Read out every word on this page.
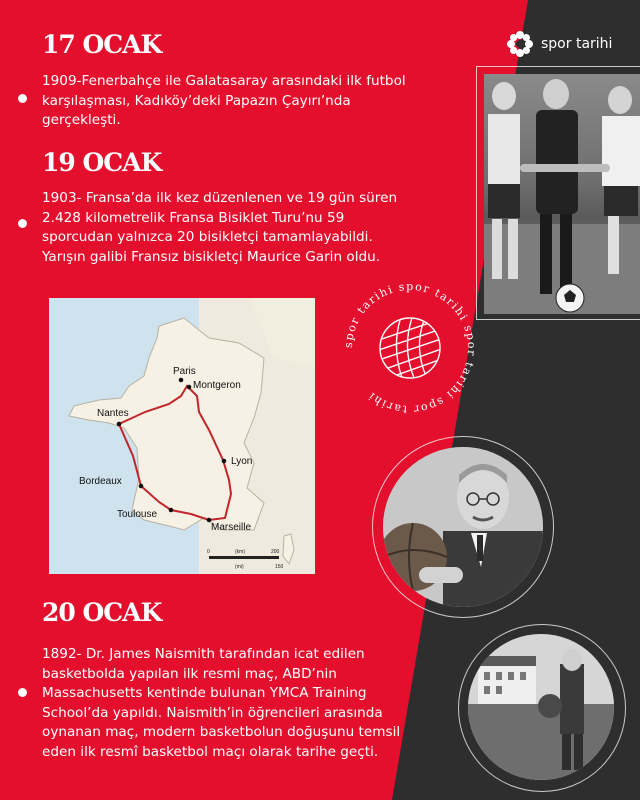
spor tarihi
17 OCAK

1909-Fenerbahçe ile Galatasaray arasındaki ilk futbol
karşılaşması, Kadıköy’deki Papazın Çayırı’nda
gerçekleşti.

19 OCAK

1903- Fransa’da ilk kez düzenlenen ve 19 gün süren
2.428 kilometrelik Fransa Bisiklet Turu’nu 59
sporcudan yalnızca 20 bisikletçi tamamlayabildi.
Yarışın galibi Fransız bisikletçi Maurice Garin oldu.

Paris
Montgeron
Nantes
Lyon
Bordeaux
Toulouse
Marseille
(km)
(mi)
0	200
150
spor tarihi spor tarihi spor tarihi spor tarihi
20 OCAK

1892- Dr. James Naismith tarafından icat edilen
basketbolda yapılan ilk resmi maç, ABD’nin
Massachusetts kentinde bulunan YMCA Training
School’da yapıldı. Naismith’in öğrencileri arasında
oynanan maç, modern basketbolun doğuşunu temsil
eden ilk resmî basketbol maçı olarak tarihe geçti.
